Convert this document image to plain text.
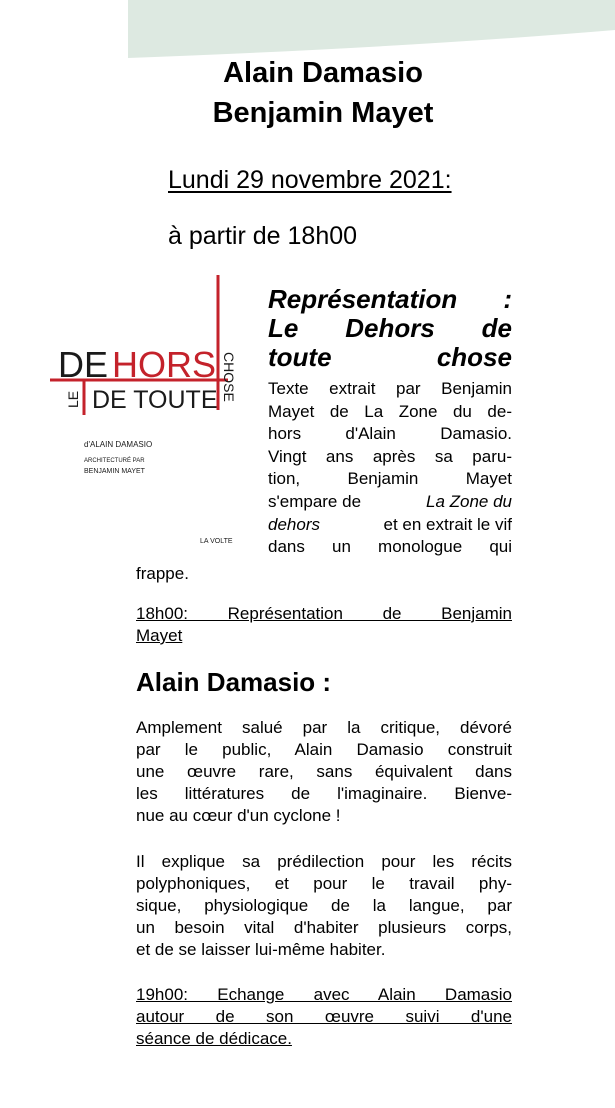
Alain Damasio
Benjamin Mayet
Lundi 29 novembre 2021:
à partir de 18h00
DE HORS
LE DE TOUTE CHOSE
d'ALAIN DAMASIO
ARCHITECTURÉ PAR
BENJAMIN MAYET
LA VOLTE
Représentation :
Le Dehors de
toute chose
Texte extrait par Benjamin
Mayet de La Zone du de-
hors d'Alain Damasio.
Vingt ans après sa paru-
tion, Benjamin Mayet
s'empare de	La Zone du
dehors	et en extrait le vif
dans un monologue qui
frappe.
18h00: Représentation de Benjamin
Mayet
Alain Damasio :
Amplement salué par la critique, dévoré
par le public, Alain Damasio construit
une œuvre rare, sans équivalent dans
les littératures de l'imaginaire. Bienve-
nue au cœur d'un cyclone !
Il explique sa prédilection pour les récits
polyphoniques, et pour le travail phy-
sique, physiologique de la langue, par
un besoin vital d'habiter plusieurs corps,
et de se laisser lui-même habiter.
19h00: Echange avec Alain Damasio
autour de son œuvre suivi d'une
séance de dédicace.
